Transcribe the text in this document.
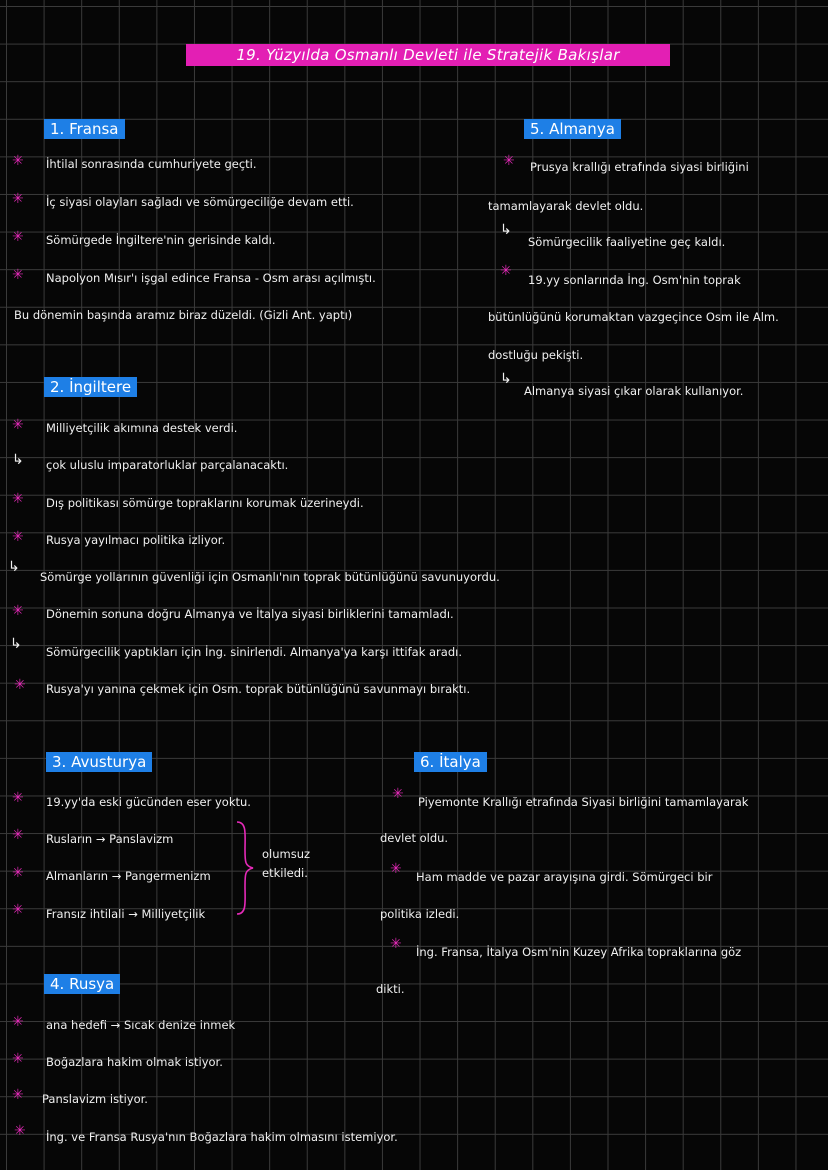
19. Yüzyılda Osmanlı Devleti ile Stratejik Bakışlar
1. Fransa
✳ İhtilal sonrasında cumhuriyete geçti.
✳ İç siyasi olayları sağladı ve sömürgeciliğe devam etti.
✳ Sömürgede İngiltere'nin gerisinde kaldı.
✳ Napolyon Mısır'ı işgal edince Fransa - Osm arası açılmıştı.
Bu dönemin başında aramız biraz düzeldi. (Gizli Ant. yaptı)
2. İngiltere
✳ Milliyetçilik akımına destek verdi.
↳ çok uluslu imparatorluklar parçalanacaktı.
✳ Dış politikası sömürge topraklarını korumak üzerineydi.
✳ Rusya yayılmacı politika izliyor.
↳
Sömürge yollarının güvenliği için Osmanlı'nın toprak bütünlüğünü savunuyordu.
✳ Dönemin sonuna doğru Almanya ve İtalya siyasi birliklerini tamamladı.
↳ Sömürgecilik yaptıkları için İng. sinirlendi. Almanya'ya karşı ittifak aradı.
✳ Rusya'yı yanına çekmek için Osm. toprak bütünlüğünü savunmayı bıraktı.
3. Avusturya
✳ 19.yy'da eski gücünden eser yoktu.
✳ Rusların → Panslavizm
✳ Almanların → Pangermenizm
✳ Fransız ihtilali → Milliyetçilik
olumsuz
etkiledi.
4. Rusya
✳ ana hedefi → Sıcak denize inmek
✳ Boğazlara hakim olmak istiyor.
✳ Panslavizm istiyor.
✳ İng. ve Fransa Rusya'nın Boğazlara hakim olmasını istemiyor.
5. Almanya
✳ Prusya krallığı etrafında siyasi birliğini
tamamlayarak devlet oldu.
↳
Sömürgecilik faaliyetine geç kaldı.
✳
19.yy sonlarında İng. Osm'nin toprak
bütünlüğünü korumaktan vazgeçince Osm ile Alm.
dostluğu pekişti.
↳
Almanya siyasi çıkar olarak kullanıyor.
6. İtalya
✳ Piyemonte Krallığı etrafında Siyasi birliğini tamamlayarak
devlet oldu.
✳ Ham madde ve pazar arayışına girdi. Sömürgeci bir
politika izledi.
✳ İng. Fransa, İtalya Osm'nin Kuzey Afrika topraklarına göz
dikti.
